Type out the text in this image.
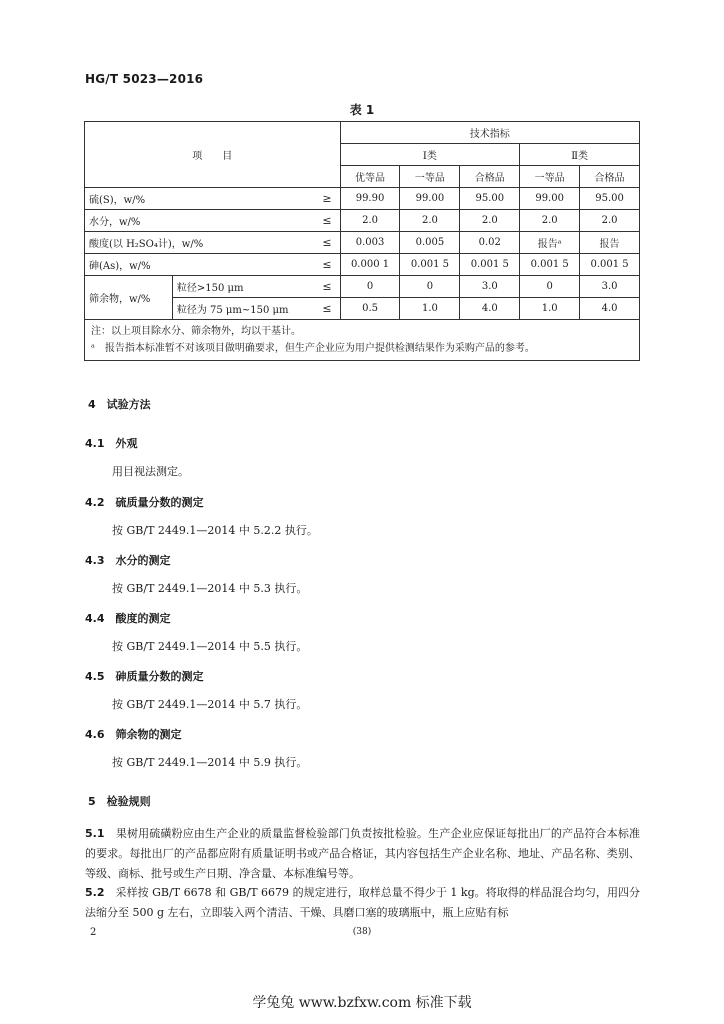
HG/T 5023—2016
表 1
项　　目			技术指标				
			Ⅰ类			Ⅱ类	
			优等品	一等品	合格品	一等品	合格品
硫(S)，w/%		≥	99.90	99.00	95.00	99.00	95.00
水分，w/%		≤	2.0	2.0	2.0	2.0	2.0
酸度(以 H₂SO₄计)，w/%		≤	0.003	0.005	0.02	报告ᵃ	报告
砷(As)，w/%		≤	0.000 1	0.001 5	0.001 5	0.001 5	0.001 5
筛余物，w/%	粒径>150 μm	≤	0	0	3.0	0	3.0
	粒径为 75 μm~150 μm	≤	0.5	1.0	4.0	1.0	4.0

注：以上项目除水分、筛余物外，均以干基计。
ᵃ　报告指本标准暂不对该项目做明确要求，但生产企业应为用户提供检测结果作为采购产品的参考。							
4　试验方法
4.1　 外观
用目视法测定。
4.2　 硫质量分数的测定
按 GB/T 2449.1—2014 中 5.2.2 执行。
4.3　 水分的测定
按 GB/T 2449.1—2014 中 5.3 执行。
4.4　 酸度的测定
按 GB/T 2449.1—2014 中 5.5 执行。
4.5　 砷质量分数的测定
按 GB/T 2449.1—2014 中 5.7 执行。
4.6　 筛余物的测定
按 GB/T 2449.1—2014 中 5.9 执行。
5　检验规则
5.1　 果树用硫磺粉应由生产企业的质量监督检验部门负责按批检验。生产企业应保证每批出厂的产品符合本标准的要求。每批出厂的产品都应附有质量证明书或产品合格证，其内容包括生产企业名称、地址、产品名称、类别、等级、商标、批号或生产日期、净含量、本标准编号等。
5.2　 采样按 GB/T 6678 和 GB/T 6679 的规定进行，取样总量不得少于 1 kg。将取得的样品混合均匀，用四分法缩分至 500 g 左右，立即装入两个清洁、干燥、具磨口塞的玻璃瓶中，瓶上应贴有标
2	(38)
学兔兔 www.bzfxw.com 标准下载
